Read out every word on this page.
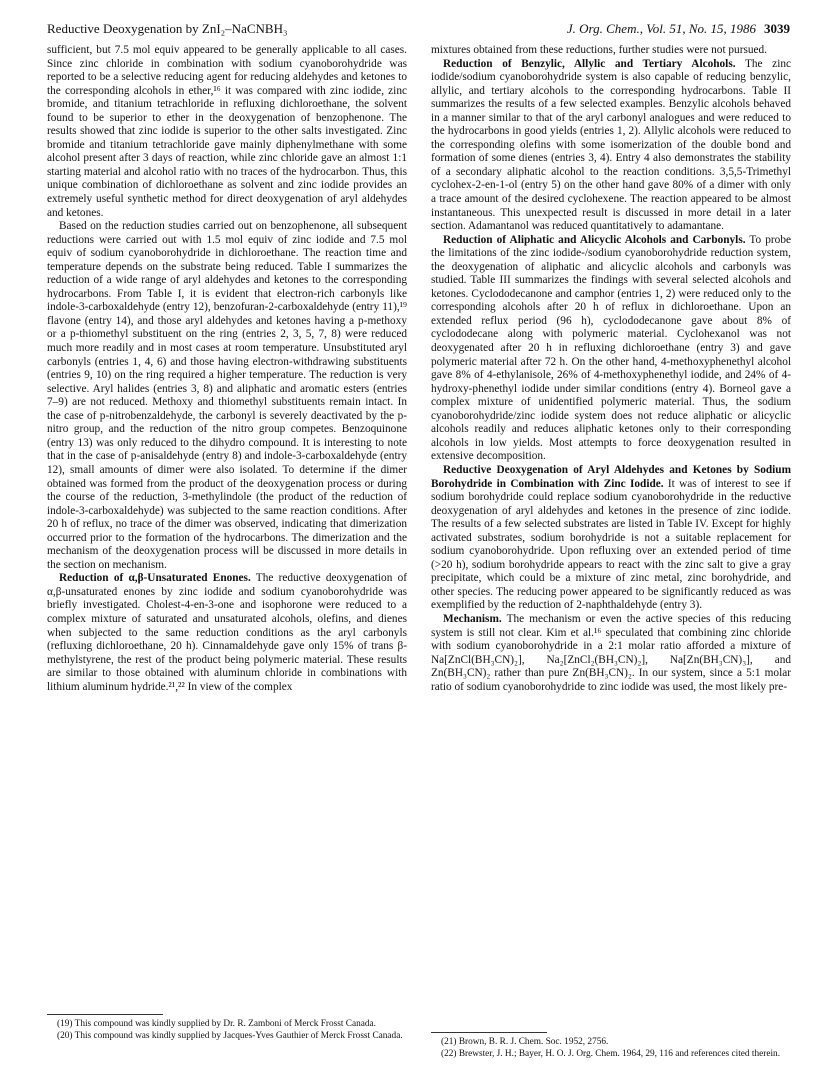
Reductive Deoxygenation by ZnI₂–NaCNBH₃	J. Org. Chem., Vol. 51, No. 15, 1986 3039

sufficient, but 7.5 mol equiv appeared to be generally applicable to all cases. Since zinc chloride in combination with sodium cyanoborohydride was reported to be a selective reducing agent for reducing aldehydes and ketones to the corresponding alcohols in ether,¹⁶ it was compared with zinc iodide, zinc bromide, and titanium tetrachloride in refluxing dichloroethane, the solvent found to be superior to ether in the deoxygenation of benzophenone. The results showed that zinc iodide is superior to the other salts investigated. Zinc bromide and titanium tetrachloride gave mainly diphenylmethane with some alcohol present after 3 days of reaction, while zinc chloride gave an almost 1:1 starting material and alcohol ratio with no traces of the hydrocarbon. Thus, this unique combination of dichloroethane as solvent and zinc iodide provides an extremely useful synthetic method for direct deoxygenation of aryl aldehydes and ketones.

Based on the reduction studies carried out on benzophenone, all subsequent reductions were carried out with 1.5 mol equiv of zinc iodide and 7.5 mol equiv of sodium cyanoborohydride in dichloroethane. The reaction time and temperature depends on the substrate being reduced. Table I summarizes the reduction of a wide range of aryl aldehydes and ketones to the corresponding hydrocarbons. From Table I, it is evident that electron-rich carbonyls like indole-3-carboxaldehyde (entry 12), benzofuran-2-carboxaldehyde (entry 11),¹⁹ flavone (entry 14), and those aryl aldehydes and ketones having a p-methoxy or a p-thiomethyl substituent on the ring (entries 2, 3, 5, 7, 8) were reduced much more readily and in most cases at room temperature. Unsubstituted aryl carbonyls (entries 1, 4, 6) and those having electron-withdrawing substituents (entries 9, 10) on the ring required a higher temperature. The reduction is very selective. Aryl halides (entries 3, 8) and aliphatic and aromatic esters (entries 7–9) are not reduced. Methoxy and thiomethyl substituents remain intact. In the case of p-nitrobenzaldehyde, the carbonyl is severely deactivated by the p-nitro group, and the reduction of the nitro group competes. Benzoquinone (entry 13) was only reduced to the dihydro compound. It is interesting to note that in the case of p-anisaldehyde (entry 8) and indole-3-carboxaldehyde (entry 12), small amounts of dimer were also isolated. To determine if the dimer obtained was formed from the product of the deoxygenation process or during the course of the reduction, 3-methylindole (the product of the reduction of indole-3-carboxaldehyde) was subjected to the same reaction conditions. After 20 h of reflux, no trace of the dimer was observed, indicating that dimerization occurred prior to the formation of the hydrocarbons. The dimerization and the mechanism of the deoxygenation process will be discussed in more details in the section on mechanism.

Reduction of α,β-Unsaturated Enones. The reductive deoxygenation of α,β-unsaturated enones by zinc iodide and sodium cyanoborohydride was briefly investigated. Cholest-4-en-3-one and isophorone were reduced to a complex mixture of saturated and unsaturated alcohols, olefins, and dienes when subjected to the same reduction conditions as the aryl carbonyls (refluxing dichloroethane, 20 h). Cinnamaldehyde gave only 15% of trans β-methylstyrene, the rest of the product being polymeric material. These results are similar to those obtained with aluminum chloride in combinations with lithium aluminum hydride.²¹,²² In view of the complex

mixtures obtained from these reductions, further studies were not pursued.

Reduction of Benzylic, Allylic and Tertiary Alcohols. The zinc iodide/sodium cyanoborohydride system is also capable of reducing benzylic, allylic, and tertiary alcohols to the corresponding hydrocarbons. Table II summarizes the results of a few selected examples. Benzylic alcohols behaved in a manner similar to that of the aryl carbonyl analogues and were reduced to the hydrocarbons in good yields (entries 1, 2). Allylic alcohols were reduced to the corresponding olefins with some isomerization of the double bond and formation of some dienes (entries 3, 4). Entry 4 also demonstrates the stability of a secondary aliphatic alcohol to the reaction conditions. 3,5,5-Trimethyl cyclohex-2-en-1-ol (entry 5) on the other hand gave 80% of a dimer with only a trace amount of the desired cyclohexene. The reaction appeared to be almost instantaneous. This unexpected result is discussed in more detail in a later section. Adamantanol was reduced quantitatively to adamantane.

Reduction of Aliphatic and Alicyclic Alcohols and Carbonyls. To probe the limitations of the zinc iodide-/sodium cyanoborohydride reduction system, the deoxygenation of aliphatic and alicyclic alcohols and carbonyls was studied. Table III summarizes the findings with several selected alcohols and ketones. Cyclododecanone and camphor (entries 1, 2) were reduced only to the corresponding alcohols after 20 h of reflux in dichloroethane. Upon an extended reflux period (96 h), cyclododecanone gave about 8% of cyclododecane along with polymeric material. Cyclohexanol was not deoxygenated after 20 h in refluxing dichloroethane (entry 3) and gave polymeric material after 72 h. On the other hand, 4-methoxyphenethyl alcohol gave 8% of 4-ethylanisole, 26% of 4-methoxyphenethyl iodide, and 24% of 4-hydroxy-phenethyl iodide under similar conditions (entry 4). Borneol gave a complex mixture of unidentified polymeric material. Thus, the sodium cyanoborohydride/zinc iodide system does not reduce aliphatic or alicyclic alcohols readily and reduces aliphatic ketones only to their corresponding alcohols in low yields. Most attempts to force deoxygenation resulted in extensive decomposition.

Reductive Deoxygenation of Aryl Aldehydes and Ketones by Sodium Borohydride in Combination with Zinc Iodide. It was of interest to see if sodium borohydride could replace sodium cyanoborohydride in the reductive deoxygenation of aryl aldehydes and ketones in the presence of zinc iodide. The results of a few selected substrates are listed in Table IV. Except for highly activated substrates, sodium borohydride is not a suitable replacement for sodium cyanoborohydride. Upon refluxing over an extended period of time (>20 h), sodium borohydride appears to react with the zinc salt to give a gray precipitate, which could be a mixture of zinc metal, zinc borohydride, and other species. The reducing power appeared to be significantly reduced as was exemplified by the reduction of 2-naphthaldehyde (entry 3).

Mechanism. The mechanism or even the active species of this reducing system is still not clear. Kim et al.¹⁶ speculated that combining zinc chloride with sodium cyanoborohydride in a 2:1 molar ratio afforded a mixture of Na[ZnCl(BH₃CN)₂], Na₂[ZnCl₂(BH₃CN)₂], Na[Zn(BH₃CN)₃], and Zn(BH₃CN)₂ rather than pure Zn(BH₃CN)₂. In our system, since a 5:1 molar ratio of sodium cyanoborohydride to zinc iodide was used, the most likely pre-

(19) This compound was kindly supplied by Dr. R. Zamboni of Merck Frosst Canada.

(20) This compound was kindly supplied by Jacques-Yves Gauthier of Merck Frosst Canada.

(21) Brown, B. R. J. Chem. Soc. 1952, 2756.

(22) Brewster, J. H.; Bayer, H. O. J. Org. Chem. 1964, 29, 116 and references cited therein.
